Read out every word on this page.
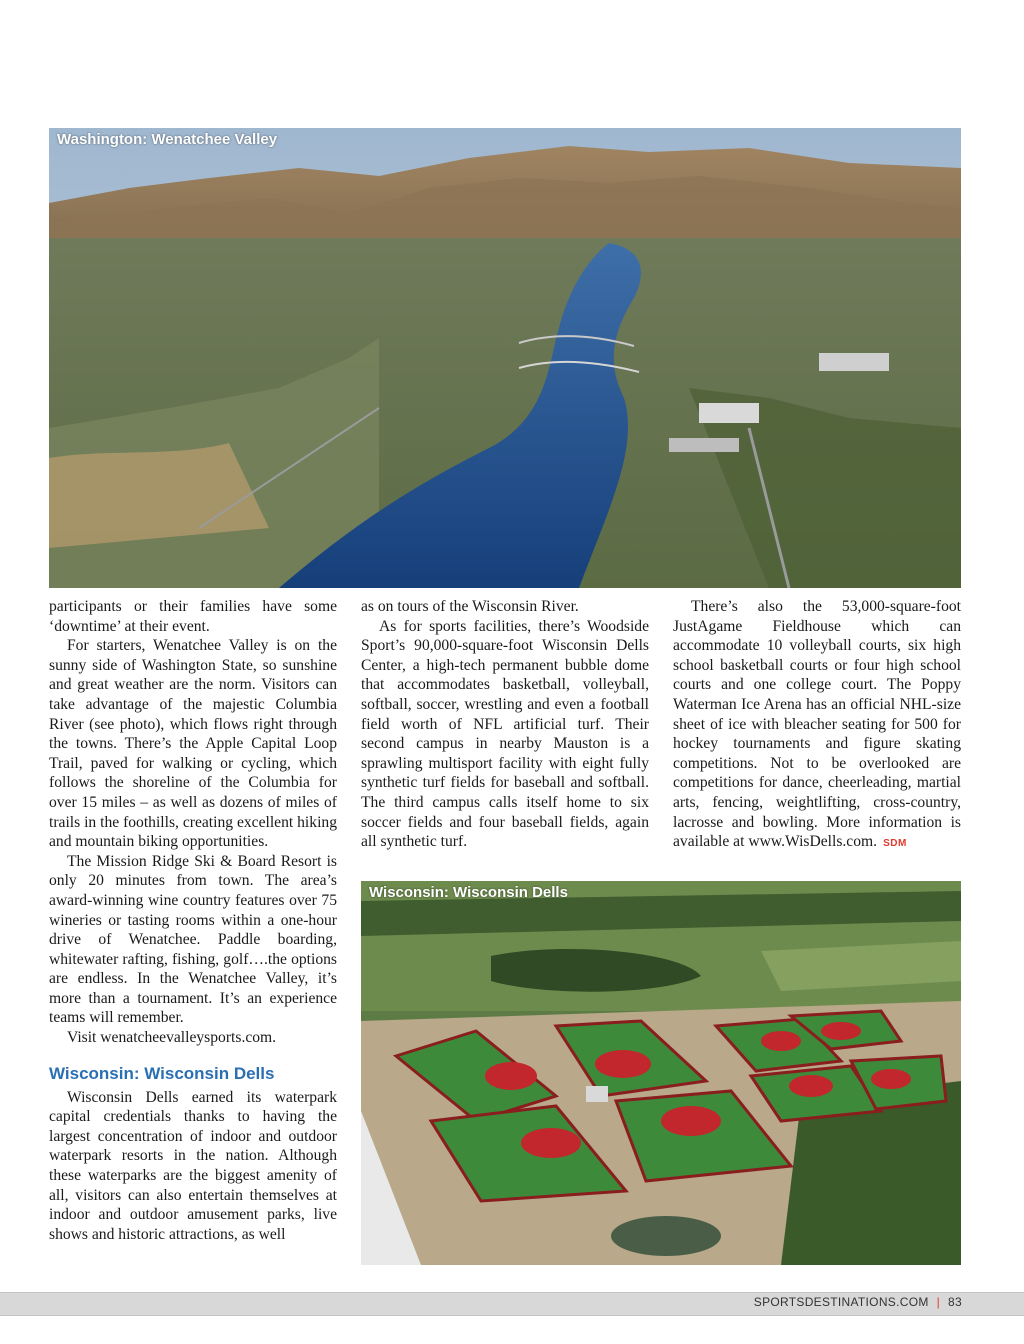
Washington: Wenatchee Valley

participants or their families have some ‘downtime’ at their event.

For starters, Wenatchee Valley is on the sunny side of Washington State, so sunshine and great weather are the norm. Visitors can take advantage of the majestic Columbia River (see photo), which flows right through the towns. There’s the Apple Capital Loop Trail, paved for walking or cycling, which follows the shoreline of the Columbia for over 15 miles – as well as dozens of miles of trails in the foothills, creating excellent hiking and mountain biking opportunities.

The Mission Ridge Ski & Board Resort is only 20 minutes from town. The area’s award-winning wine country features over 75 wineries or tasting rooms within a one-hour drive of Wenatchee. Paddle boarding, whitewater rafting, fishing, golf….the options are endless. In the Wenatchee Valley, it’s more than a tournament. It’s an experience teams will remember.

Visit wenatcheevalleysports.com.

Wisconsin: Wisconsin Dells

Wisconsin Dells earned its waterpark capital credentials thanks to having the largest concentration of indoor and outdoor waterpark resorts in the nation. Although these waterparks are the biggest amenity of all, visitors can also entertain themselves at indoor and outdoor amusement parks, live shows and historic attractions, as well

as on tours of the Wisconsin River.

As for sports facilities, there’s Woodside Sport’s 90,000-square-foot Wisconsin Dells Center, a high-tech permanent bubble dome that accommodates basketball, volleyball, softball, soccer, wrestling and even a football field worth of NFL artificial turf. Their second campus in nearby Mauston is a sprawling multisport facility with eight fully synthetic turf fields for baseball and softball. The third campus calls itself home to six soccer fields and four baseball fields, again all synthetic turf.

There’s also the 53,000-square-foot JustAgame Fieldhouse which can accommodate 10 volleyball courts, six high school basketball courts or four high school courts and one college court. The Poppy Waterman Ice Arena has an official NHL-size sheet of ice with bleacher seating for 500 for hockey tournaments and figure skating competitions. Not to be overlooked are competitions for dance, cheerleading, martial arts, fencing, weightlifting, cross-country, lacrosse and bowling. More information is available at www.WisDells.com. SDM

Wisconsin: Wisconsin Dells
SPORTSDESTINATIONS.COM | 83
